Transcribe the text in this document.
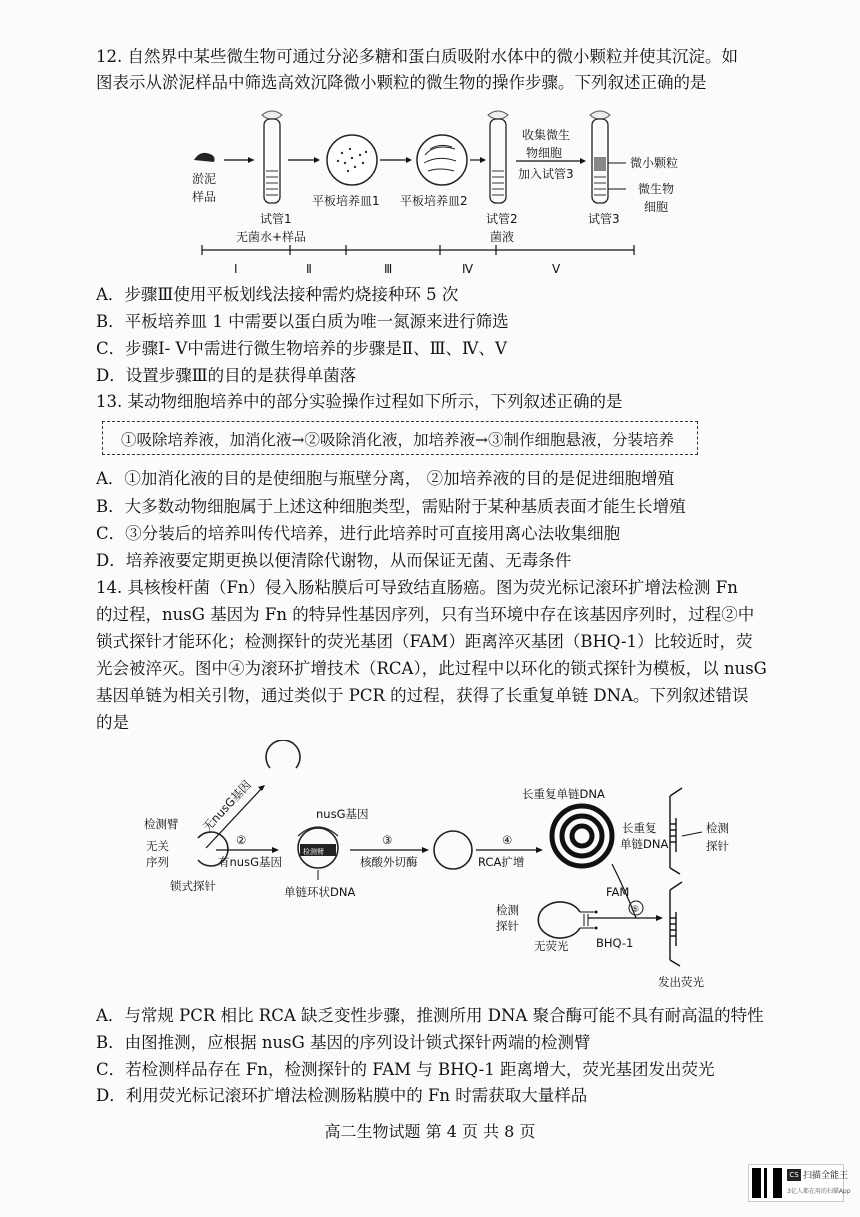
12. 自然界中某些微生物可通过分泌多糖和蛋白质吸附水体中的微小颗粒并使其沉淀。如
图表示从淤泥样品中筛选高效沉降微小颗粒的微生物的操作步骤。下列叙述正确的是
淤泥
样品
试管1
无菌水+样品
平板培养皿1 平板培养皿2
试管2
菌液
收集微生
物细胞
加入试管3
试管3
微小颗粒
微生物
细胞
Ⅰ	Ⅱ	Ⅲ	Ⅳ	Ⅴ
A．步骤Ⅲ使用平板划线法接种需灼烧接种环 5 次
B．平板培养皿 1 中需要以蛋白质为唯一氮源来进行筛选
C．步骤Ⅰ- Ⅴ中需进行微生物培养的步骤是Ⅱ、Ⅲ、Ⅳ、Ⅴ
D．设置步骤Ⅲ的目的是获得单菌落
13. 某动物细胞培养中的部分实验操作过程如下所示，下列叙述正确的是
①吸除培养液，加消化液→②吸除消化液，加培养液→③制作细胞悬液，分装培养
A．①加消化液的目的是使细胞与瓶壁分离， ②加培养液的目的是促进细胞增殖
B．大多数动物细胞属于上述这种细胞类型，需贴附于某种基质表面才能生长增殖
C．③分装后的培养叫传代培养，进行此培养时可直接用离心法收集细胞
D．培养液要定期更换以便清除代谢物，从而保证无菌、无毒条件
14. 具核梭杆菌（Fn）侵入肠粘膜后可导致结直肠癌。图为荧光标记滚环扩增法检测 Fn
的过程，nusG 基因为 Fn 的特异性基因序列，只有当环境中存在该基因序列时，过程②中
锁式探针才能环化；检测探针的荧光基团（FAM）距离淬灭基团（BHQ-1）比较近时，荧
光会被淬灭。图中④为滚环扩增技术（RCA），此过程中以环化的锁式探针为模板，以 nusG
基因单链为相关引物，通过类似于 PCR 的过程，获得了长重复单链 DNA。下列叙述错误
的是
无nusG基因
检测臂
无关
序列
锁式探针
②
有nusG基因
nusG基因
检测臂
单链环状DNA
③
核酸外切酶
④
RCA扩增
长重复单链DNA
长重复
单链DNA
检测
探针
FAM
⑤
检测
探针
BHQ-1
无荧光
发出荧光
A．与常规 PCR 相比 RCA 缺乏变性步骤，推测所用 DNA 聚合酶可能不具有耐高温的特性
B．由图推测，应根据 nusG 基因的序列设计锁式探针两端的检测臂
C．若检测样品存在 Fn，检测探针的 FAM 与 BHQ-1 距离增大，荧光基团发出荧光
D．利用荧光标记滚环扩增法检测肠粘膜中的 Fn 时需获取大量样品
高二生物试题 第 4 页 共 8 页
CS 扫描全能王
3亿人都在用的扫描App
